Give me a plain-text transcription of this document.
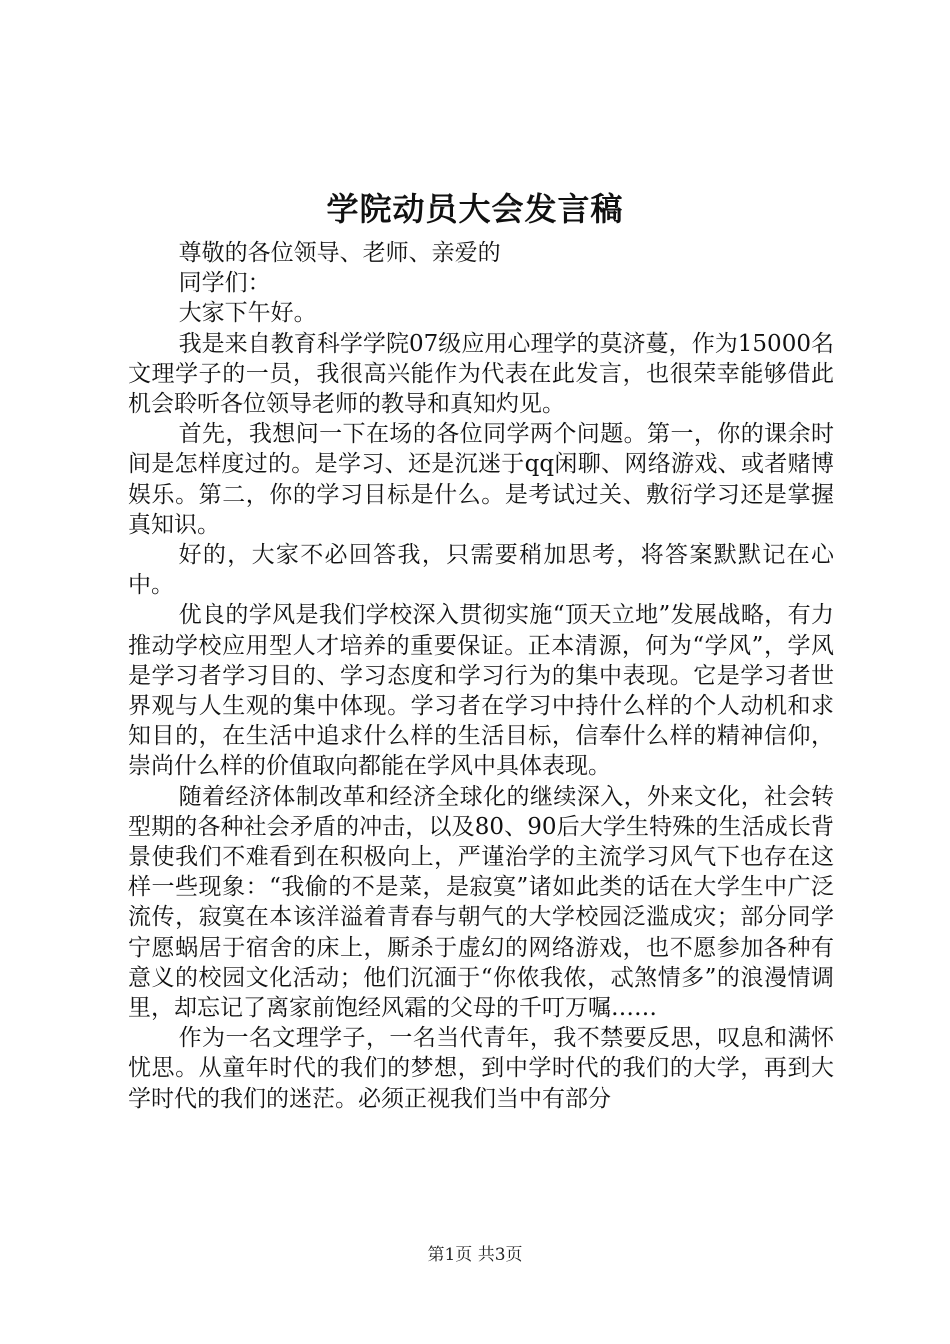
学院动员大会发言稿

尊敬的各位领导、老师、亲爱的

同学们：

大家下午好。

我是来自教育科学学院07级应用心理学的莫济蔓，作为15000名文理学子的一员，我很高兴能作为代表在此发言，也很荣幸能够借此机会聆听各位领导老师的教导和真知灼见。

首先，我想问一下在场的各位同学两个问题。第一，你的课余时间是怎样度过的。是学习、还是沉迷于qq闲聊、网络游戏、或者赌博娱乐。第二，你的学习目标是什么。是考试过关、敷衍学习还是掌握真知识。

好的，大家不必回答我，只需要稍加思考，将答案默默记在心中。

优良的学风是我们学校深入贯彻实施“顶天立地”发展战略，有力推动学校应用型人才培养的重要保证。正本清源，何为“学风”，学风是学习者学习目的、学习态度和学习行为的集中表现。它是学习者世界观与人生观的集中体现。学习者在学习中持什么样的个人动机和求知目的，在生活中追求什么样的生活目标，信奉什么样的精神信仰，崇尚什么样的价值取向都能在学风中具体表现。

随着经济体制改革和经济全球化的继续深入，外来文化，社会转型期的各种社会矛盾的冲击，以及80、90后大学生特殊的生活成长背景使我们不难看到在积极向上，严谨治学的主流学习风气下也存在这样一些现象：“我偷的不是菜，是寂寞”诸如此类的话在大学生中广泛流传，寂寞在本该洋溢着青春与朝气的大学校园泛滥成灾；部分同学宁愿蜗居于宿舍的床上，厮杀于虚幻的网络游戏，也不愿参加各种有意义的校园文化活动；他们沉湎于“你侬我侬，忒煞情多”的浪漫情调里，却忘记了离家前饱经风霜的父母的千叮万嘱……

作为一名文理学子，一名当代青年，我不禁要反思，叹息和满怀忧思。从童年时代的我们的梦想，到中学时代的我们的大学，再到大学时代的我们的迷茫。必须正视我们当中有部分

第1页 共3页
